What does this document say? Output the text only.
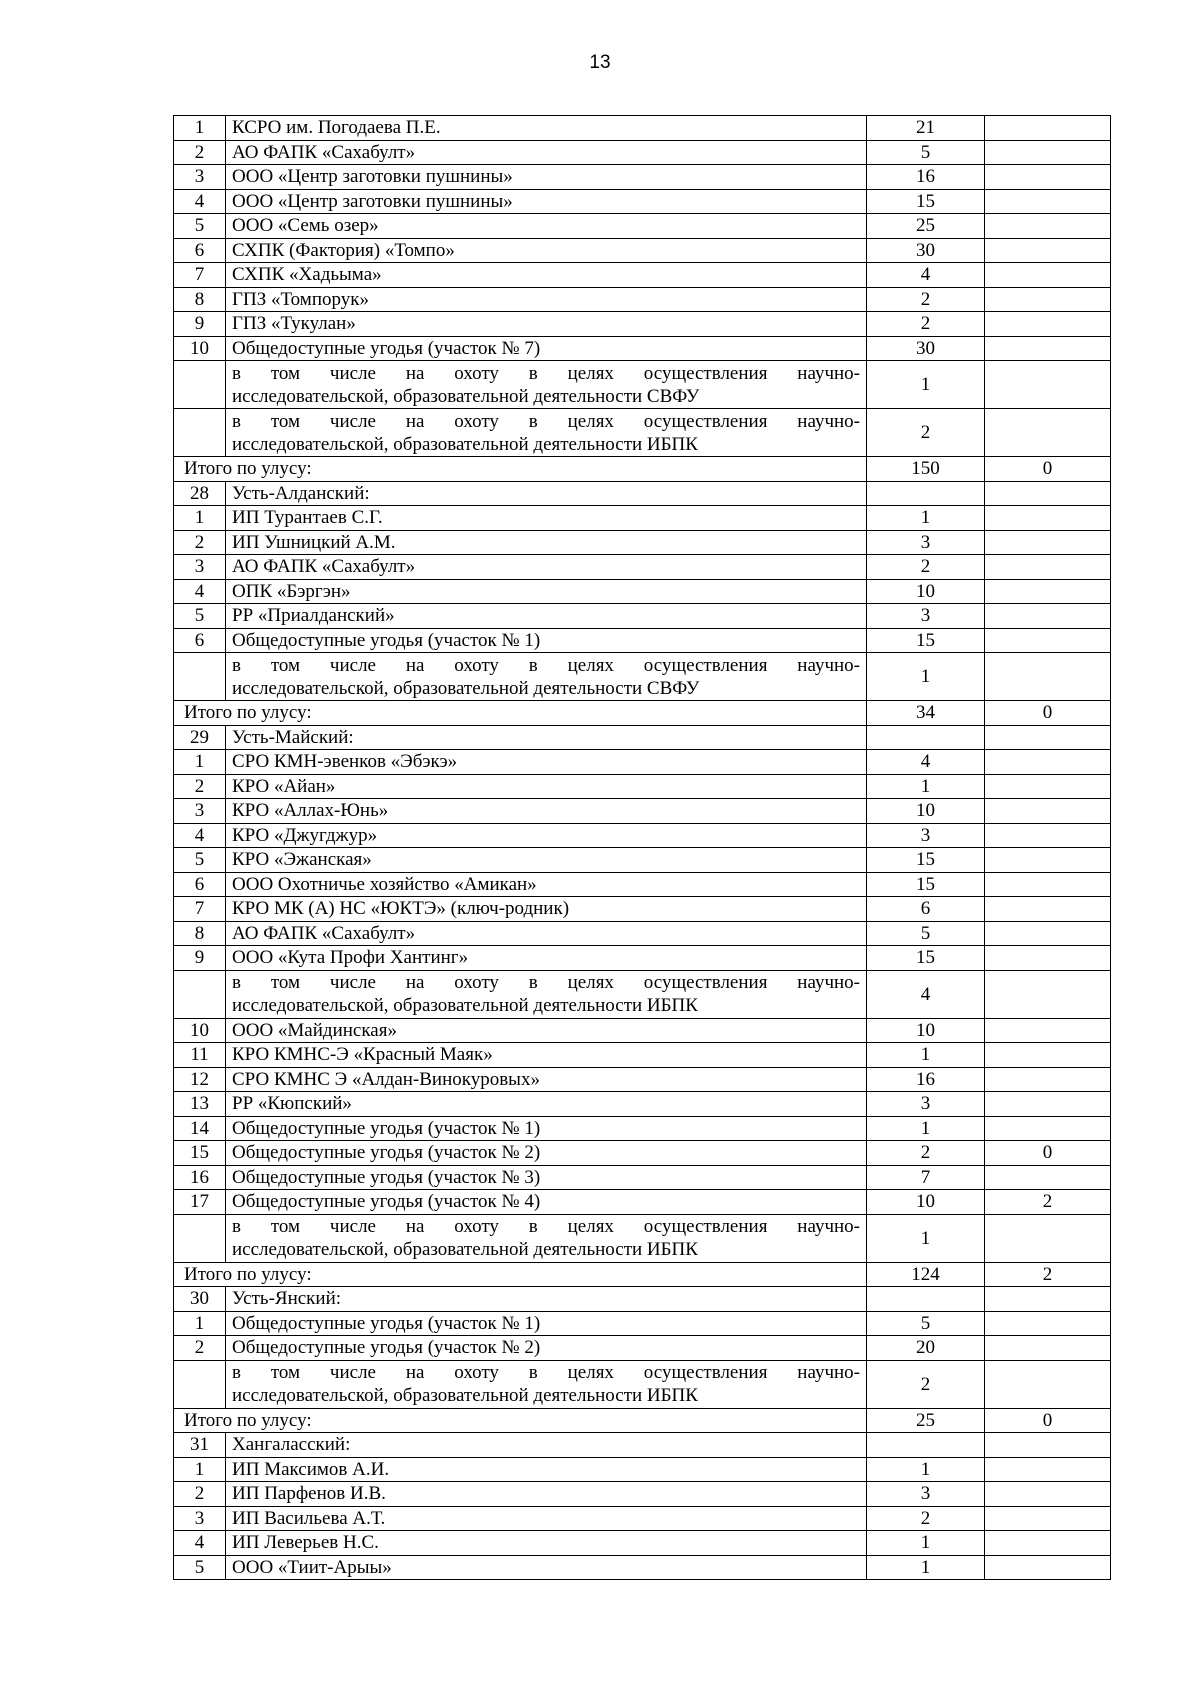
13
1	КСРО им. Погодаева П.Е.	21	
2	АО ФАПК «Сахабулт»	5	
3	ООО «Центр заготовки пушнины»	16	
4	ООО «Центр заготовки пушнины»	15	
5	ООО «Семь озер»	25	
6	СХПК (Фактория) «Томпо»	30	
7	СХПК «Хадьыма»	4	
8	ГПЗ «Томпорук»	2	
9	ГПЗ «Тукулан»	2	
10	Общедоступные угодья (участок № 7)	30	

	в том числе на охоту в целях осуществления научно-
исследовательской, образовательной деятельности СВФУ	1	

	в том числе на охоту в целях осуществления научно-
исследовательской, образовательной деятельности ИБПК	2	
Итого по улусу:		150	0
28	Усть-Алданский:		
1	ИП Турантаев С.Г.	1	
2	ИП Ушницкий А.М.	3	
3	АО ФАПК «Сахабулт»	2	
4	ОПК «Бэргэн»	10	
5	РР «Приалданский»	3	
6	Общедоступные угодья (участок № 1)	15	

	в том числе на охоту в целях осуществления научно-
исследовательской, образовательной деятельности СВФУ	1	
Итого по улусу:		34	0
29	Усть-Майский:		
1	СРО КМН-эвенков «Эбэкэ»	4	
2	КРО «Айан»	1	
3	КРО «Аллах-Юнь»	10	
4	КРО «Джугджур»	3	
5	КРО «Эжанская»	15	
6	ООО Охотничье хозяйство «Амикан»	15	
7	КРО МК (А) НС «ЮКТЭ» (ключ-родник)	6	
8	АО ФАПК «Сахабулт»	5	
9	ООО «Кута Профи Хантинг»	15	

	в том числе на охоту в целях осуществления научно-
исследовательской, образовательной деятельности ИБПК	4	
10	ООО «Майдинская»	10	
11	КРО КМНС-Э «Красный Маяк»	1	
12	СРО КМНС Э «Алдан-Винокуровых»	16	
13	РР «Кюпский»	3	
14	Общедоступные угодья (участок № 1)	1	
15	Общедоступные угодья (участок № 2)	2	0
16	Общедоступные угодья (участок № 3)	7	
17	Общедоступные угодья (участок № 4)	10	2

	в том числе на охоту в целях осуществления научно-
исследовательской, образовательной деятельности ИБПК	1	
Итого по улусу:		124	2
30	Усть-Янский:		
1	Общедоступные угодья (участок № 1)	5	
2	Общедоступные угодья (участок № 2)	20	

	в том числе на охоту в целях осуществления научно-
исследовательской, образовательной деятельности ИБПК	2	
Итого по улусу:		25	0
31	Хангаласский:		
1	ИП Максимов А.И.	1	
2	ИП Парфенов И.В.	3	
3	ИП Васильева А.Т.	2	
4	ИП Леверьев Н.С.	1	
5	ООО «Тиит-Арыы»	1	
